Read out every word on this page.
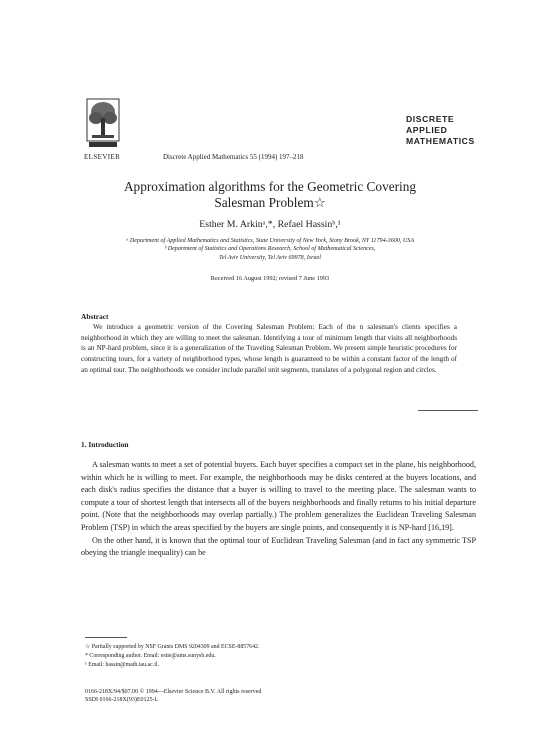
ELSEVIER	Discrete Applied Mathematics 55 (1994) 197–218
DISCRETE
APPLIED
MATHEMATICS
Approximation algorithms for the Geometric Covering
Salesman Problem☆
Esther M. Arkinᵃ,*, Refael Hassinᵇ,¹
ᵃ Department of Applied Mathematics and Statistics, State University of New York, Stony Brook, NY 11794-3600, USA
ᵇ Department of Statistics and Operations Research, School of Mathematical Sciences,
Tel Aviv University, Tel Aviv 69978, Israel
Received 16 August 1992; revised 7 June 1993
Abstract
We introduce a geometric version of the Covering Salesman Problem: Each of the n salesman's clients specifies a neighborhood in which they are willing to meet the salesman. Identifying a tour of minimum length that visits all neighborhoods is an NP-hard problem, since it is a generalization of the Traveling Salesman Problem. We present simple heuristic procedures for constructing tours, for a variety of neighborhood types, whose length is guaranteed to be within a constant factor of the length of an optimal tour. The neighborhoods we consider include parallel unit segments, translates of a polygonal region and circles.
1. Introduction

A salesman wants to meet a set of potential buyers. Each buyer specifies a compact set in the plane, his neighborhood, within which he is willing to meet. For example, the neighborhoods may be disks centered at the buyers locations, and each disk's radius specifies the distance that a buyer is willing to travel to the meeting place. The salesman wants to compute a tour of shortest length that intersects all of the buyers neighborhoods and finally returns to his initial departure point. (Note that the neighborhoods may overlap partially.) The problem generalizes the Euclidean Traveling Salesman Problem (TSP) in which the areas specified by the buyers are single points, and consequently it is NP-hard [16,19].

On the other hand, it is known that the optimal tour of Euclidean Traveling Salesman (and in fact any symmetric TSP obeying the triangle inequality) can be

☆ Partially supported by NSF Grants DMS 9204309 and ECSE-8857642.
* Corresponding author. Email: estie@ams.sunysb.edu.
¹ Email: hassin@math.tau.ac.il.
0166-218X/94/$07.00 © 1994—Elsevier Science B.V. All rights reserved
SSDI 0166-218X(93)E0125-L
